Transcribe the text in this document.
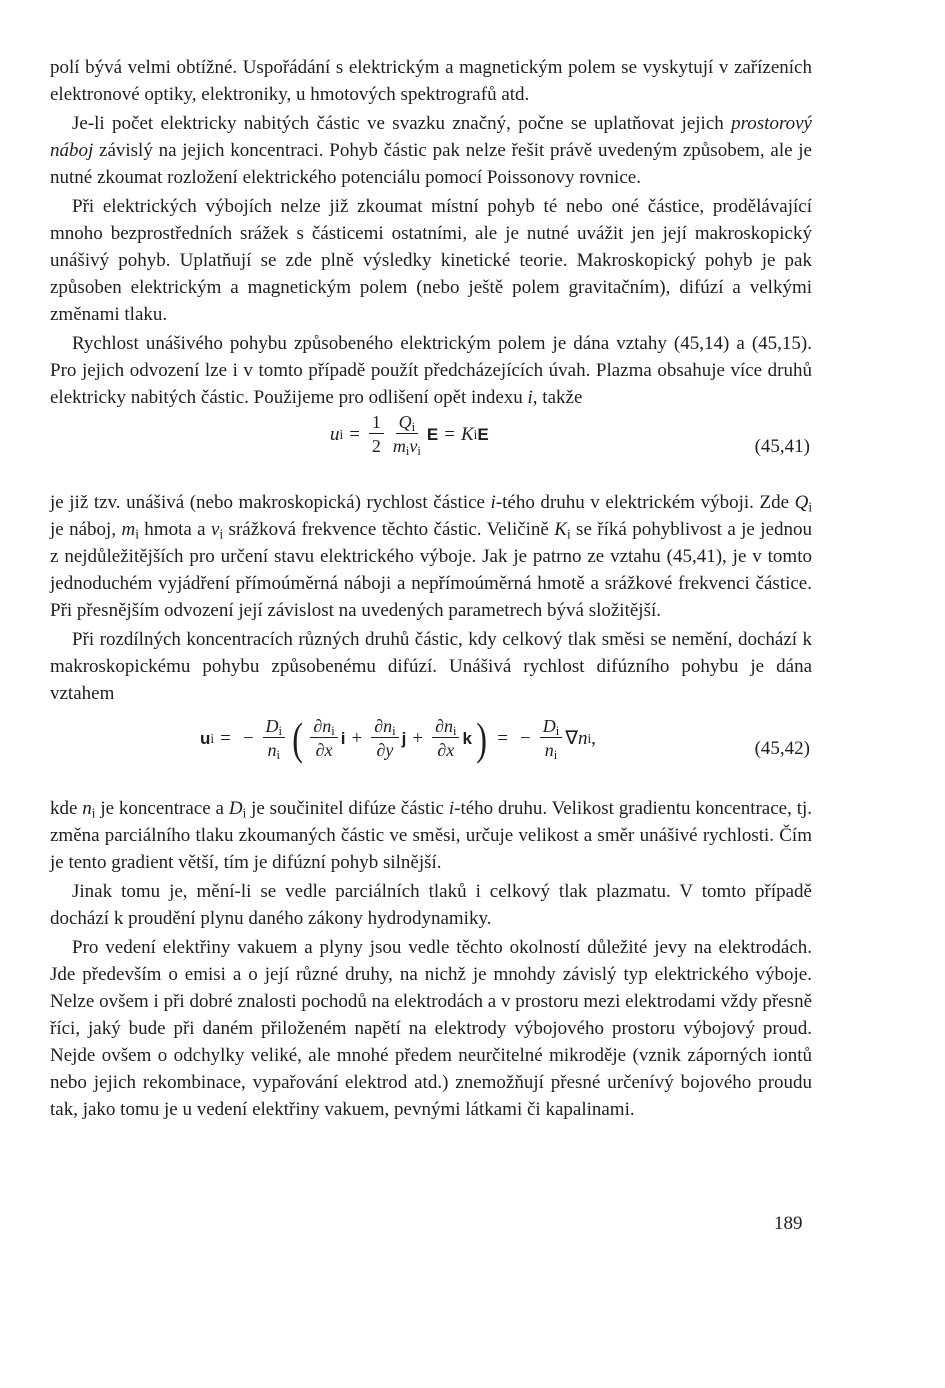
polí bývá velmi obtížné. Uspořádání s elektrickým a magnetickým polem se vyskytují v zařízeních elektronové optiky, elektroniky, u hmotových spektrografů atd.

Je-li počet elektricky nabitých částic ve svazku značný, počne se uplatňovat jejich prostorový náboj závislý na jejich koncentraci. Pohyb částic pak nelze řešit právě uvedeným způsobem, ale je nutné zkoumat rozložení elektrického potenciálu pomocí Poissonovy rovnice.

Při elektrických výbojích nelze již zkoumat místní pohyb té nebo oné částice, prodělávající mnoho bezprostředních srážek s částicemi ostatními, ale je nutné uvážit jen její makroskopický unášivý pohyb. Uplatňují se zde plně výsledky kinetické teorie. Makroskopický pohyb je pak způsoben elektrickým a magnetickým polem (nebo ještě polem gravitačním), difúzí a velkými změnami tlaku.

Rychlost unášivého pohybu způsobeného elektrickým polem je dána vztahy (45,14) a (45,15). Pro jejich odvození lze i v tomto případě použít předcházejících úvah. Plazma obsahuje více druhů elektricky nabitých částic. Použijeme pro odlišení opět indexu i, takže

u $i = \frac{1}{2} \frac{Q_i}{m_iv_i}$ E = K i E
(45,41)

je již tzv. unášivá (nebo makroskopická) rychlost částice i-tého druhu v elektrickém výboji. Zde $Q_i$ je náboj, $m_i$ hmota a $v_i$ srážková frekvence těchto částic. Veličině $K_i$ se říká pohyblivost a je jednou z nejdůležitějších pro určení stavu elektrického výboje. Jak je patrno ze vztahu (45,41), je v tomto jednoduchém vyjádření přímoúměrná náboji a nepřímoúměrná hmotě a srážkové frekvenci částice. Při přesnějším odvození její závislost na uvedených parametrech bývá složitější.

Při rozdílných koncentracích různých druhů částic, kdy celkový tlak směsi se nemění, dochází k makroskopickému pohybu způsobenému difúzí. Unášivá rychlost difúzního pohybu je dána vztahem

u i = − $\frac{D_i}{n_i}$ ( $\frac{\partial n_i}{\partial x}$ $i + \frac{\partial n_i}{\partial y}$ $j + \frac{\partial n_i}{\partial x}$ k ) = − $\frac{D_i}{n_i}$ ∇ n i ,	(45,42)

kde $n_i$ je koncentrace a $D_i$ je součinitel difúze částic i-tého druhu. Velikost gradientu koncentrace, tj. změna parciálního tlaku zkoumaných částic ve směsi, určuje velikost a směr unášivé rychlosti. Čím je tento gradient větší, tím je difúzní pohyb silnější.

Jinak tomu je, mění-li se vedle parciálních tlaků i celkový tlak plazmatu. V tomto případě dochází k proudění plynu daného zákony hydrodynamiky.

Pro vedení elektřiny vakuem a plyny jsou vedle těchto okolností důležité jevy na elektrodách. Jde především o emisi a o její různé druhy, na nichž je mnohdy závislý typ elektrického výboje. Nelze ovšem i při dobré znalosti pochodů na elektrodách a v prostoru mezi elektrodami vždy přesně říci, jaký bude při daném přiloženém napětí na elektrody výbojového prostoru výbojový proud. Nejde ovšem o odchylky veliké, ale mnohé předem neurčitelné mikroděje (vznik záporných iontů nebo jejich rekombinace, vypařování elektrod atd.) znemožňují přesné určenívý bojového proudu tak, jako tomu je u vedení elektřiny vakuem, pevnými látkami či kapalinami.

189
